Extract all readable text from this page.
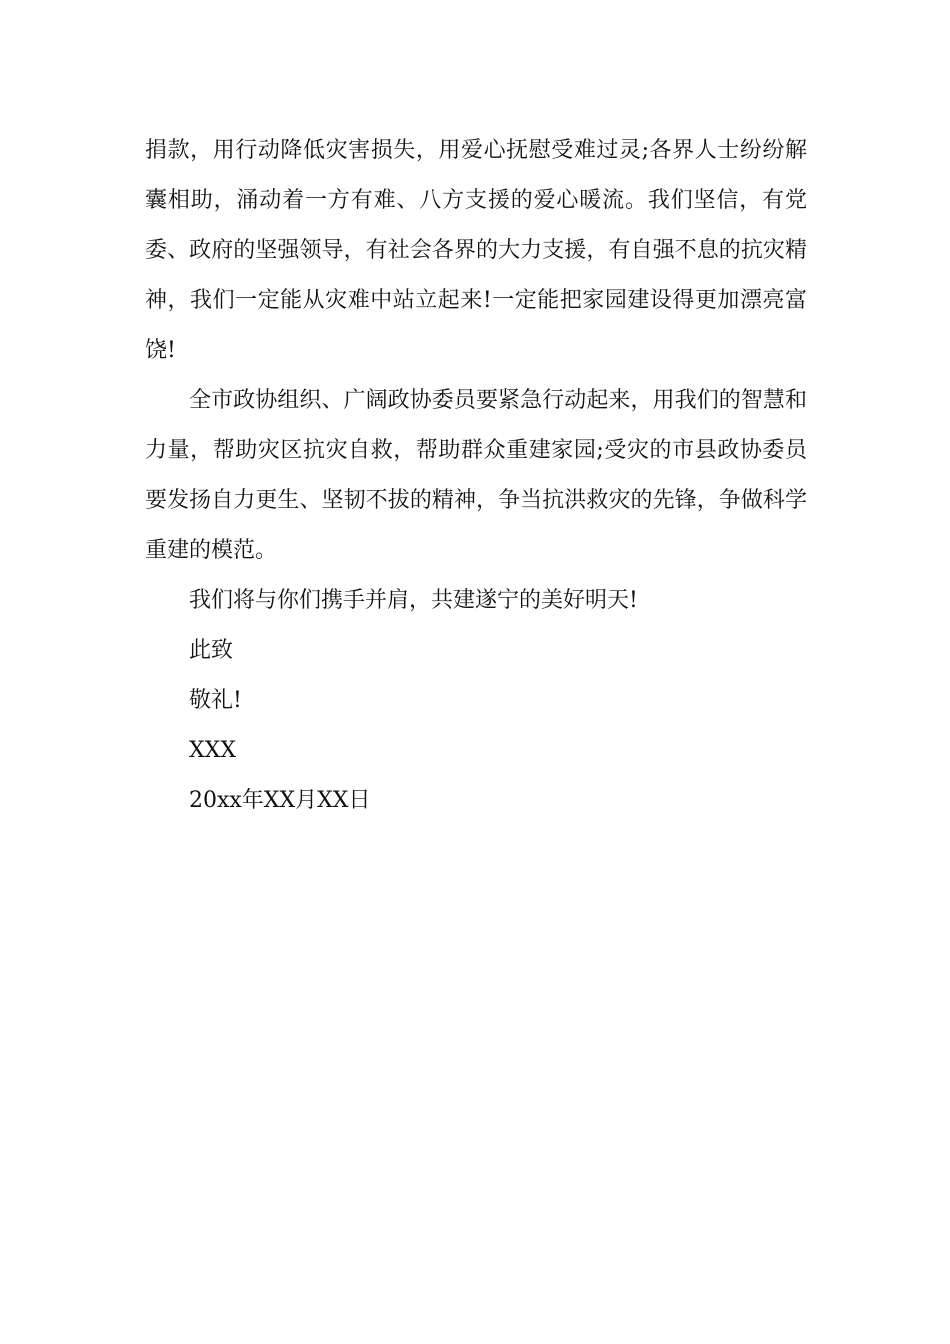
捐款，用行动降低灾害损失，用爱心抚慰受难过灵;各界人士纷纷解囊相助，涌动着一方有难、八方支援的爱心暖流。我们坚信，有党委、政府的坚强领导，有社会各界的大力支援，有自强不息的抗灾精神，我们一定能从灾难中站立起来!一定能把家园建设得更加漂亮富饶!

全市政协组织、广阔政协委员要紧急行动起来，用我们的智慧和力量，帮助灾区抗灾自救，帮助群众重建家园;受灾的市县政协委员要发扬自力更生、坚韧不拔的精神，争当抗洪救灾的先锋，争做科学重建的模范。

我们将与你们携手并肩，共建遂宁的美好明天!

此致

敬礼!

XXX

20xx年XX月XX日
